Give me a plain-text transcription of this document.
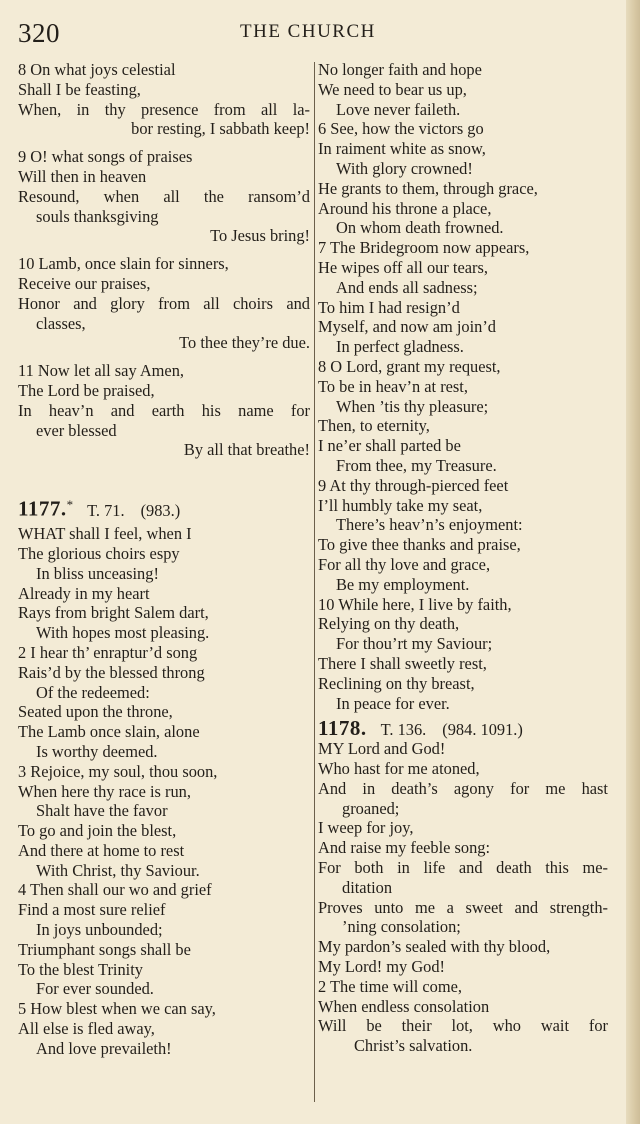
320	THE CHURCH
8 On what joys celestial
Shall I be feasting,
When, in thy presence from all la-
bor resting, I sabbath keep!
9 O! what songs of praises
Will then in heaven
Resound, when all the ransom’d
souls thanksgiving
To Jesus bring!
10 Lamb, once slain for sinners,
Receive our praises,
Honor and glory from all choirs and
classes,
To thee they’re due.
11 Now let all say Amen,
The Lord be praised,
In heav’n and earth his name for
ever blessed
By all that breathe!
1177.* T. 71. (983.)
WHAT shall I feel, when I
The glorious choirs espy
In bliss unceasing!
Already in my heart
Rays from bright Salem dart,
With hopes most pleasing.
2 I hear th’ enraptur’d song
Rais’d by the blessed throng
Of the redeemed:
Seated upon the throne,
The Lamb once slain, alone
Is worthy deemed.
3 Rejoice, my soul, thou soon,
When here thy race is run,
Shalt have the favor
To go and join the blest,
And there at home to rest
With Christ, thy Saviour.
4 Then shall our wo and grief
Find a most sure relief
In joys unbounded;
Triumphant songs shall be
To the blest Trinity
For ever sounded.
5 How blest when we can say,
All else is fled away,
And love prevaileth!
No longer faith and hope
We need to bear us up,
Love never faileth.
6 See, how the victors go
In raiment white as snow,
With glory crowned!
He grants to them, through grace,
Around his throne a place,
On whom death frowned.
7 The Bridegroom now appears,
He wipes off all our tears,
And ends all sadness;
To him I had resign’d
Myself, and now am join’d
In perfect gladness.
8 O Lord, grant my request,
To be in heav’n at rest,
When ’tis thy pleasure;
Then, to eternity,
I ne’er shall parted be
From thee, my Treasure.
9 At thy through-pierced feet
I’ll humbly take my seat,
There’s heav’n’s enjoyment:
To give thee thanks and praise,
For all thy love and grace,
Be my employment.
10 While here, I live by faith,
Relying on thy death,
For thou’rt my Saviour;
There I shall sweetly rest,
Reclining on thy breast,
In peace for ever.
1178. T. 136. (984. 1091.)
MY Lord and God!
Who hast for me atoned,
And in death’s agony for me hast
groaned;
I weep for joy,
And raise my feeble song:
For both in life and death this me-
ditation
Proves unto me a sweet and strength-
’ning consolation;
My pardon’s sealed with thy blood,
My Lord! my God!
2 The time will come,
When endless consolation
Will be their lot, who wait for
Christ’s salvation.
